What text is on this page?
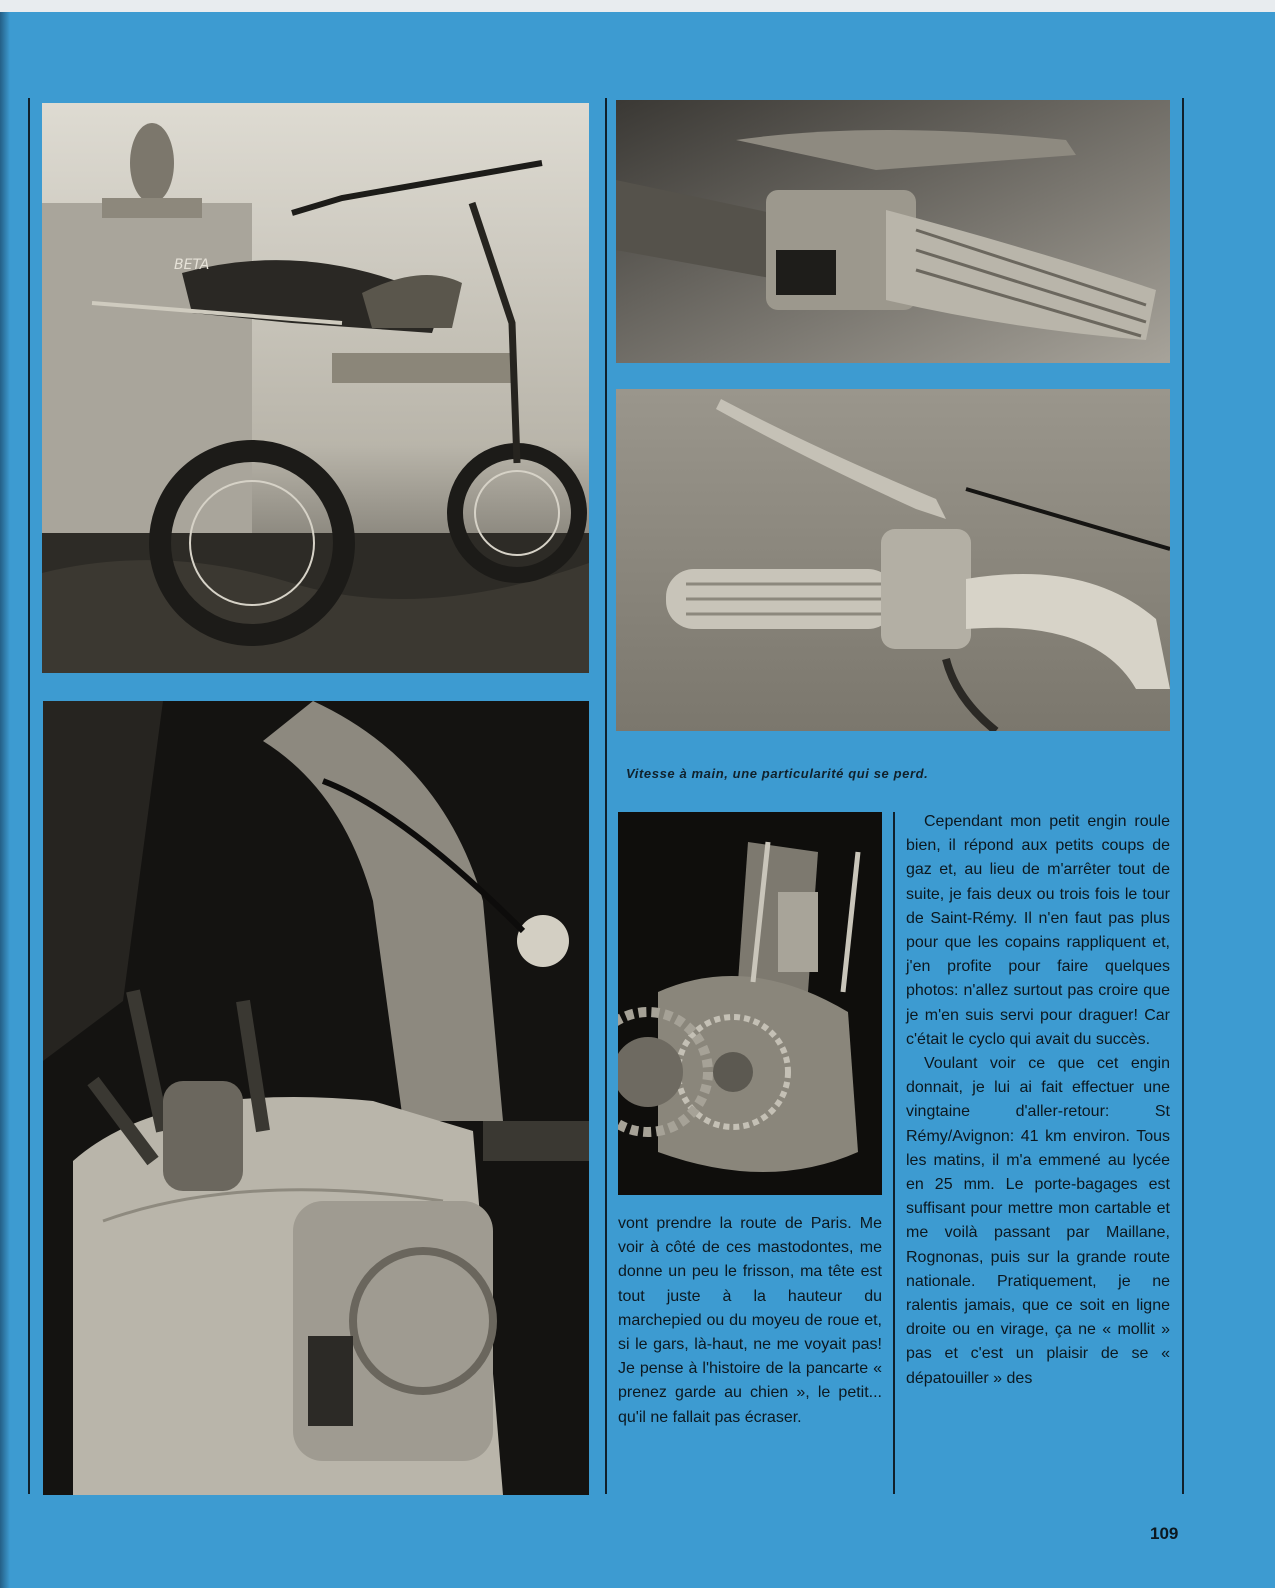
BETA
Vitesse à main, une particularité qui se perd.

vont prendre la route de Paris. Me voir à côté de ces mastodontes, me donne un peu le frisson, ma tête est tout juste à la hauteur du marchepied ou du moyeu de roue et, si le gars, là-haut, ne me voyait pas! Je pense à l'histoire de la pancarte « prenez garde au chien », le petit... qu'il ne fallait pas écraser.

Cependant mon petit engin roule bien, il répond aux petits coups de gaz et, au lieu de m'arrêter tout de suite, je fais deux ou trois fois le tour de Saint-Rémy. Il n'en faut pas plus pour que les copains rappliquent et, j'en profite pour faire quelques photos: n'allez surtout pas croire que je m'en suis servi pour draguer! Car c'était le cyclo qui avait du succès.

Voulant voir ce que cet engin donnait, je lui ai fait effectuer une vingtaine d'aller-retour: St Rémy/Avignon: 41 km environ. Tous les matins, il m'a emmené au lycée en 25 mm. Le porte-bagages est suffisant pour mettre mon cartable et me voilà passant par Maillane, Rognonas, puis sur la grande route nationale. Pratiquement, je ne ralentis jamais, que ce soit en ligne droite ou en virage, ça ne « mollit » pas et c'est un plaisir de se « dépatouiller » des

109
